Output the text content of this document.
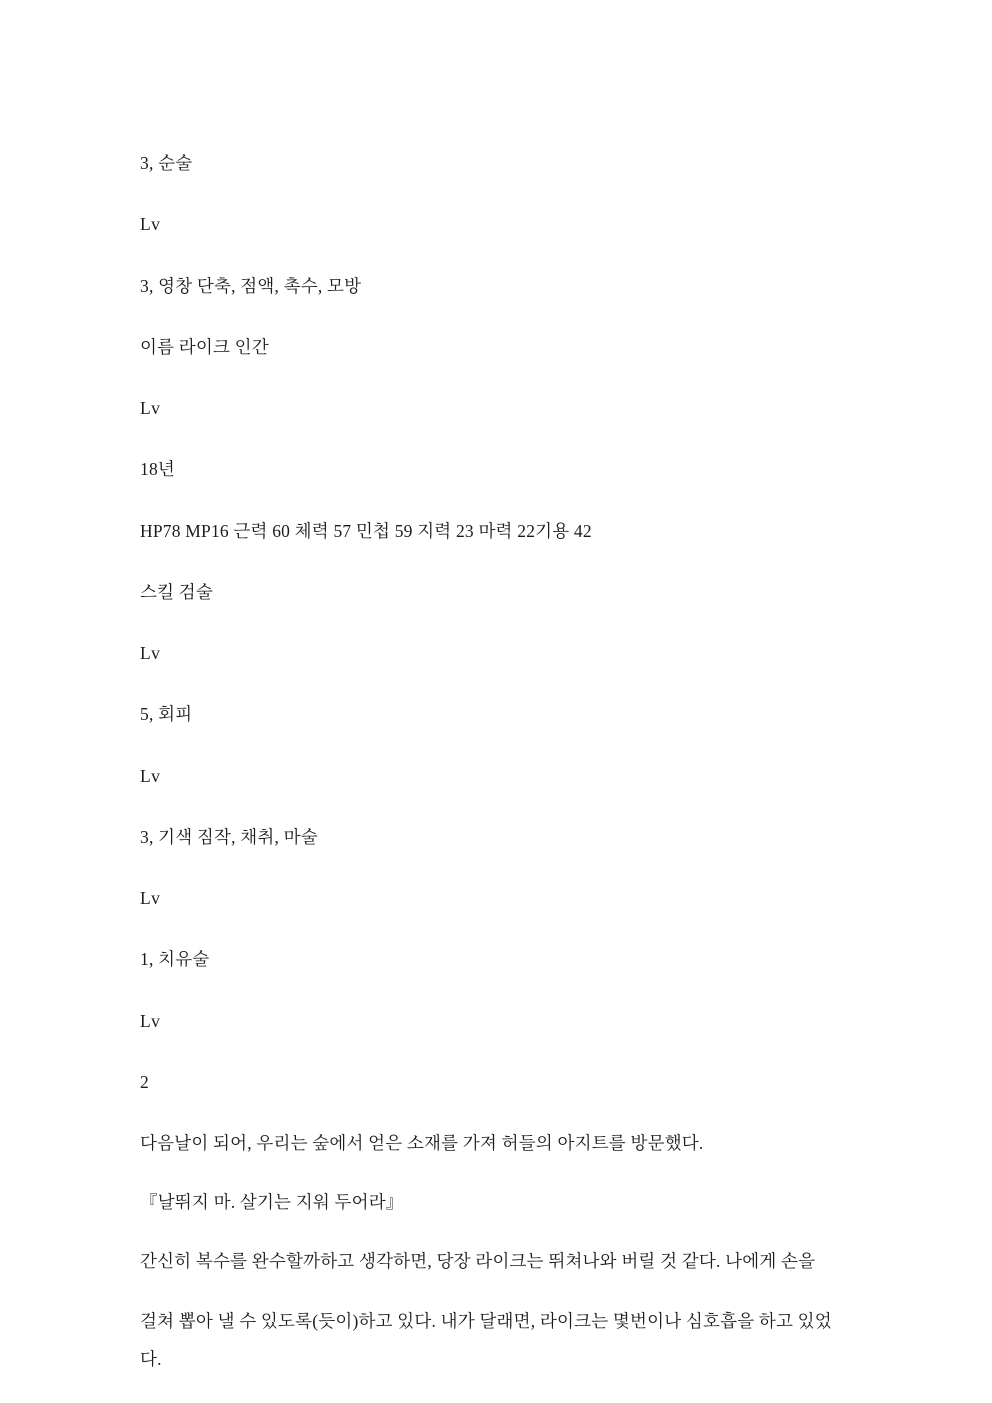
3, 순술

Lv

3, 영창 단축, 점액, 촉수, 모방

이름 라이크 인간

Lv

18년

HP78 MP16 근력 60 체력 57 민첩 59 지력 23 마력 22기용 42

스킬 검술

Lv

5, 회피

Lv

3, 기색 짐작, 채취, 마술

Lv

1, 치유술

Lv

2

다음날이 되어, 우리는 숲에서 얻은 소재를 가져 허들의 아지트를 방문했다.

『날뛰지 마. 살기는 지워 두어라』

간신히 복수를 완수할까하고 생각하면, 당장 라이크는 뛰쳐나와 버릴 것 같다. 나에게 손을

걸쳐 뽑아 낼 수 있도록(듯이)하고 있다. 내가 달래면, 라이크는 몇번이나 심호흡을 하고 있었

다.
